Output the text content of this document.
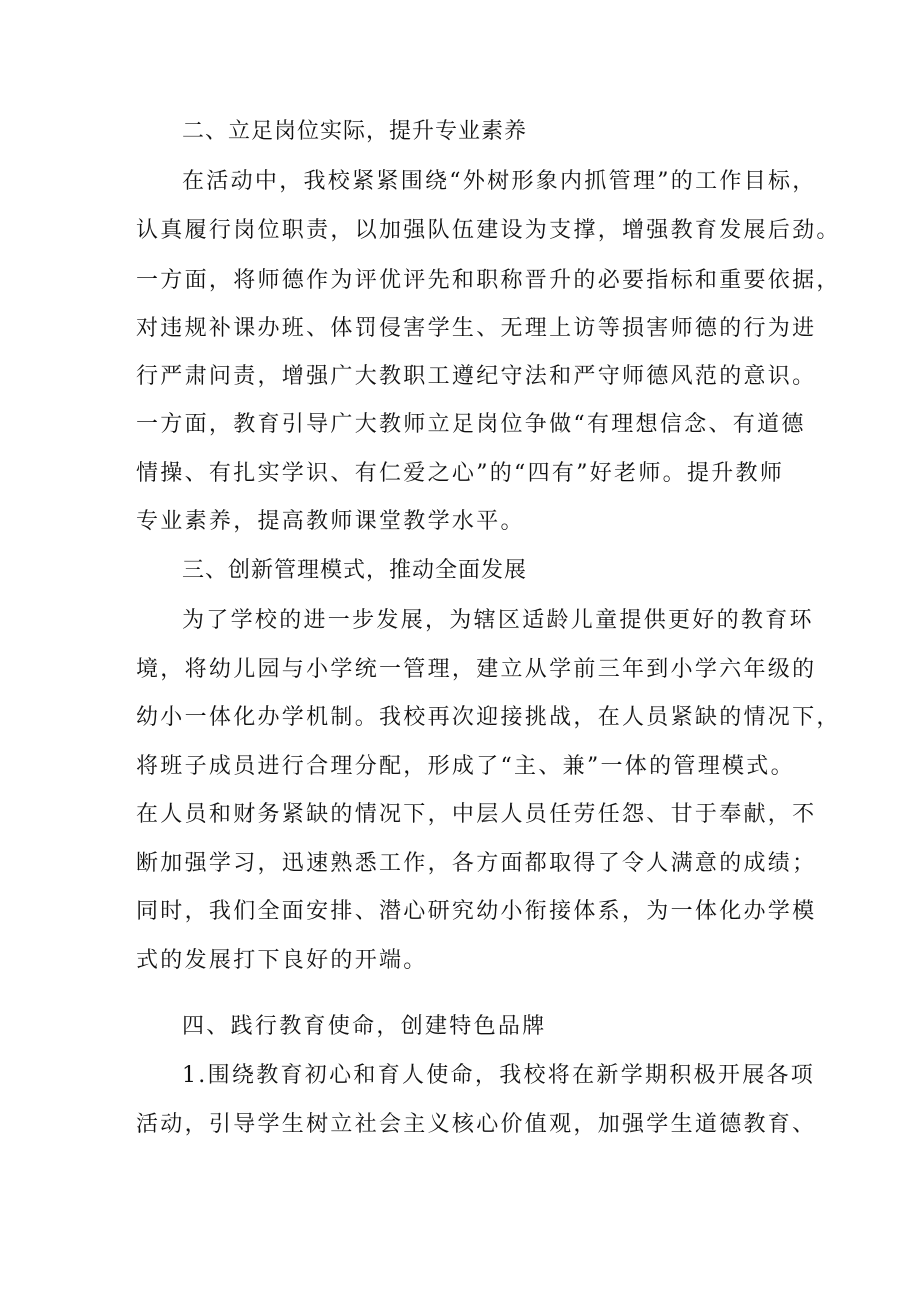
二、立足岗位实际，提升专业素养
在活动中，我校紧紧围绕“外树形象内抓管理”的工作目标，
认真履行岗位职责，以加强队伍建设为支撑，增强教育发展后劲。
一方面，将师德作为评优评先和职称晋升的必要指标和重要依据，
对违规补课办班、体罚侵害学生、无理上访等损害师德的行为进
行严肃问责，增强广大教职工遵纪守法和严守师德风范的意识。
一方面，教育引导广大教师立足岗位争做“有理想信念、有道德
情操、有扎实学识、有仁爱之心”的“四有”好老师。提升教师
专业素养，提高教师课堂教学水平。
三、创新管理模式，推动全面发展
为了学校的进一步发展，为辖区适龄儿童提供更好的教育环
境，将幼儿园与小学统一管理，建立从学前三年到小学六年级的
幼小一体化办学机制。我校再次迎接挑战，在人员紧缺的情况下，
将班子成员进行合理分配，形成了“主、兼”一体的管理模式。
在人员和财务紧缺的情况下，中层人员任劳任怨、甘于奉献，不
断加强学习，迅速熟悉工作，各方面都取得了令人满意的成绩；
同时，我们全面安排、潜心研究幼小衔接体系，为一体化办学模
式的发展打下良好的开端。
四、践行教育使命，创建特色品牌
1.围绕教育初心和育人使命，我校将在新学期积极开展各项
活动，引导学生树立社会主义核心价值观，加强学生道德教育、
